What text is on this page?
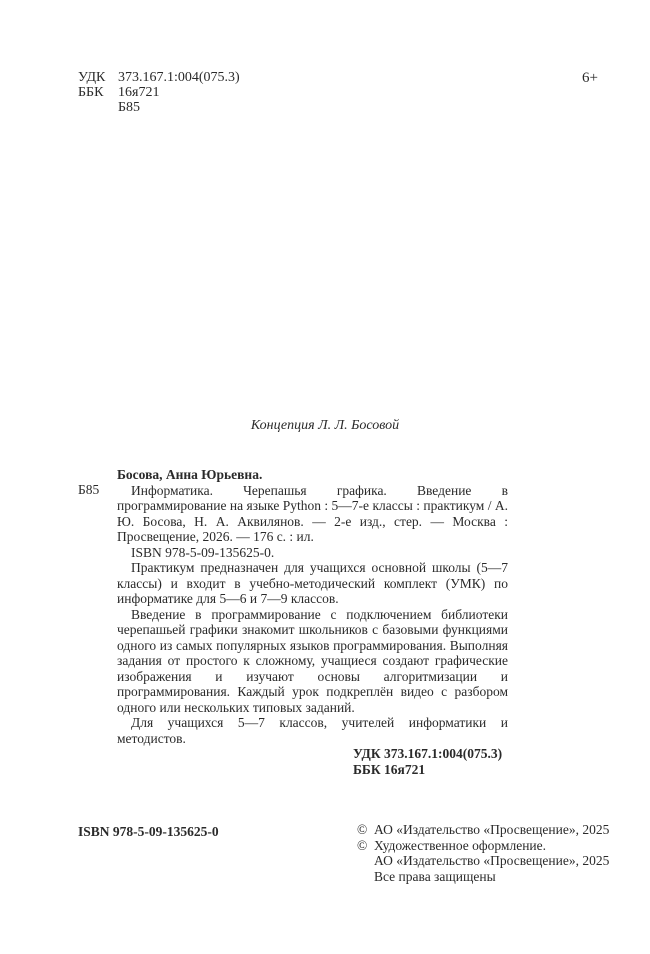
УДК 373.167.1:004(075.3)
ББК	16я721
Б85
6+
Концепция Л. Л. Босовой
Б85

Босова, Анна Юрьевна.

Информатика. Черепашья графика. Введение в программирование на языке Python : 5—7-е классы : практикум / А. Ю. Босова, Н. А. Аквилянов. — 2-е изд., стер. — Москва : Просвещение, 2026. — 176 с. : ил.

ISBN 978-5-09-135625-0.

Практикум предназначен для учащихся основной школы (5—7 классы) и входит в учебно-методический комплект (УМК) по информатике для 5—6 и 7—9 классов.

Введение в программирование с подключением библиотеки черепашьей графики знакомит школьников с базовыми функциями одного из самых популярных языков программирования. Выполняя задания от простого к сложному, учащиеся создают графические изображения и изучают основы алгоритмизации и программирования. Каждый урок подкреплён видео с разбором одного или нескольких типовых заданий.

Для учащихся 5—7 классов, учителей информатики и методистов.

УДК 373.167.1:004(075.3)

ББК 16я721

ISBN 978-5-09-135625-0	© АО «Издательство «Просвещение», 2025
© Художественное оформление.
АО «Издательство «Просвещение», 2025
Все права защищены
